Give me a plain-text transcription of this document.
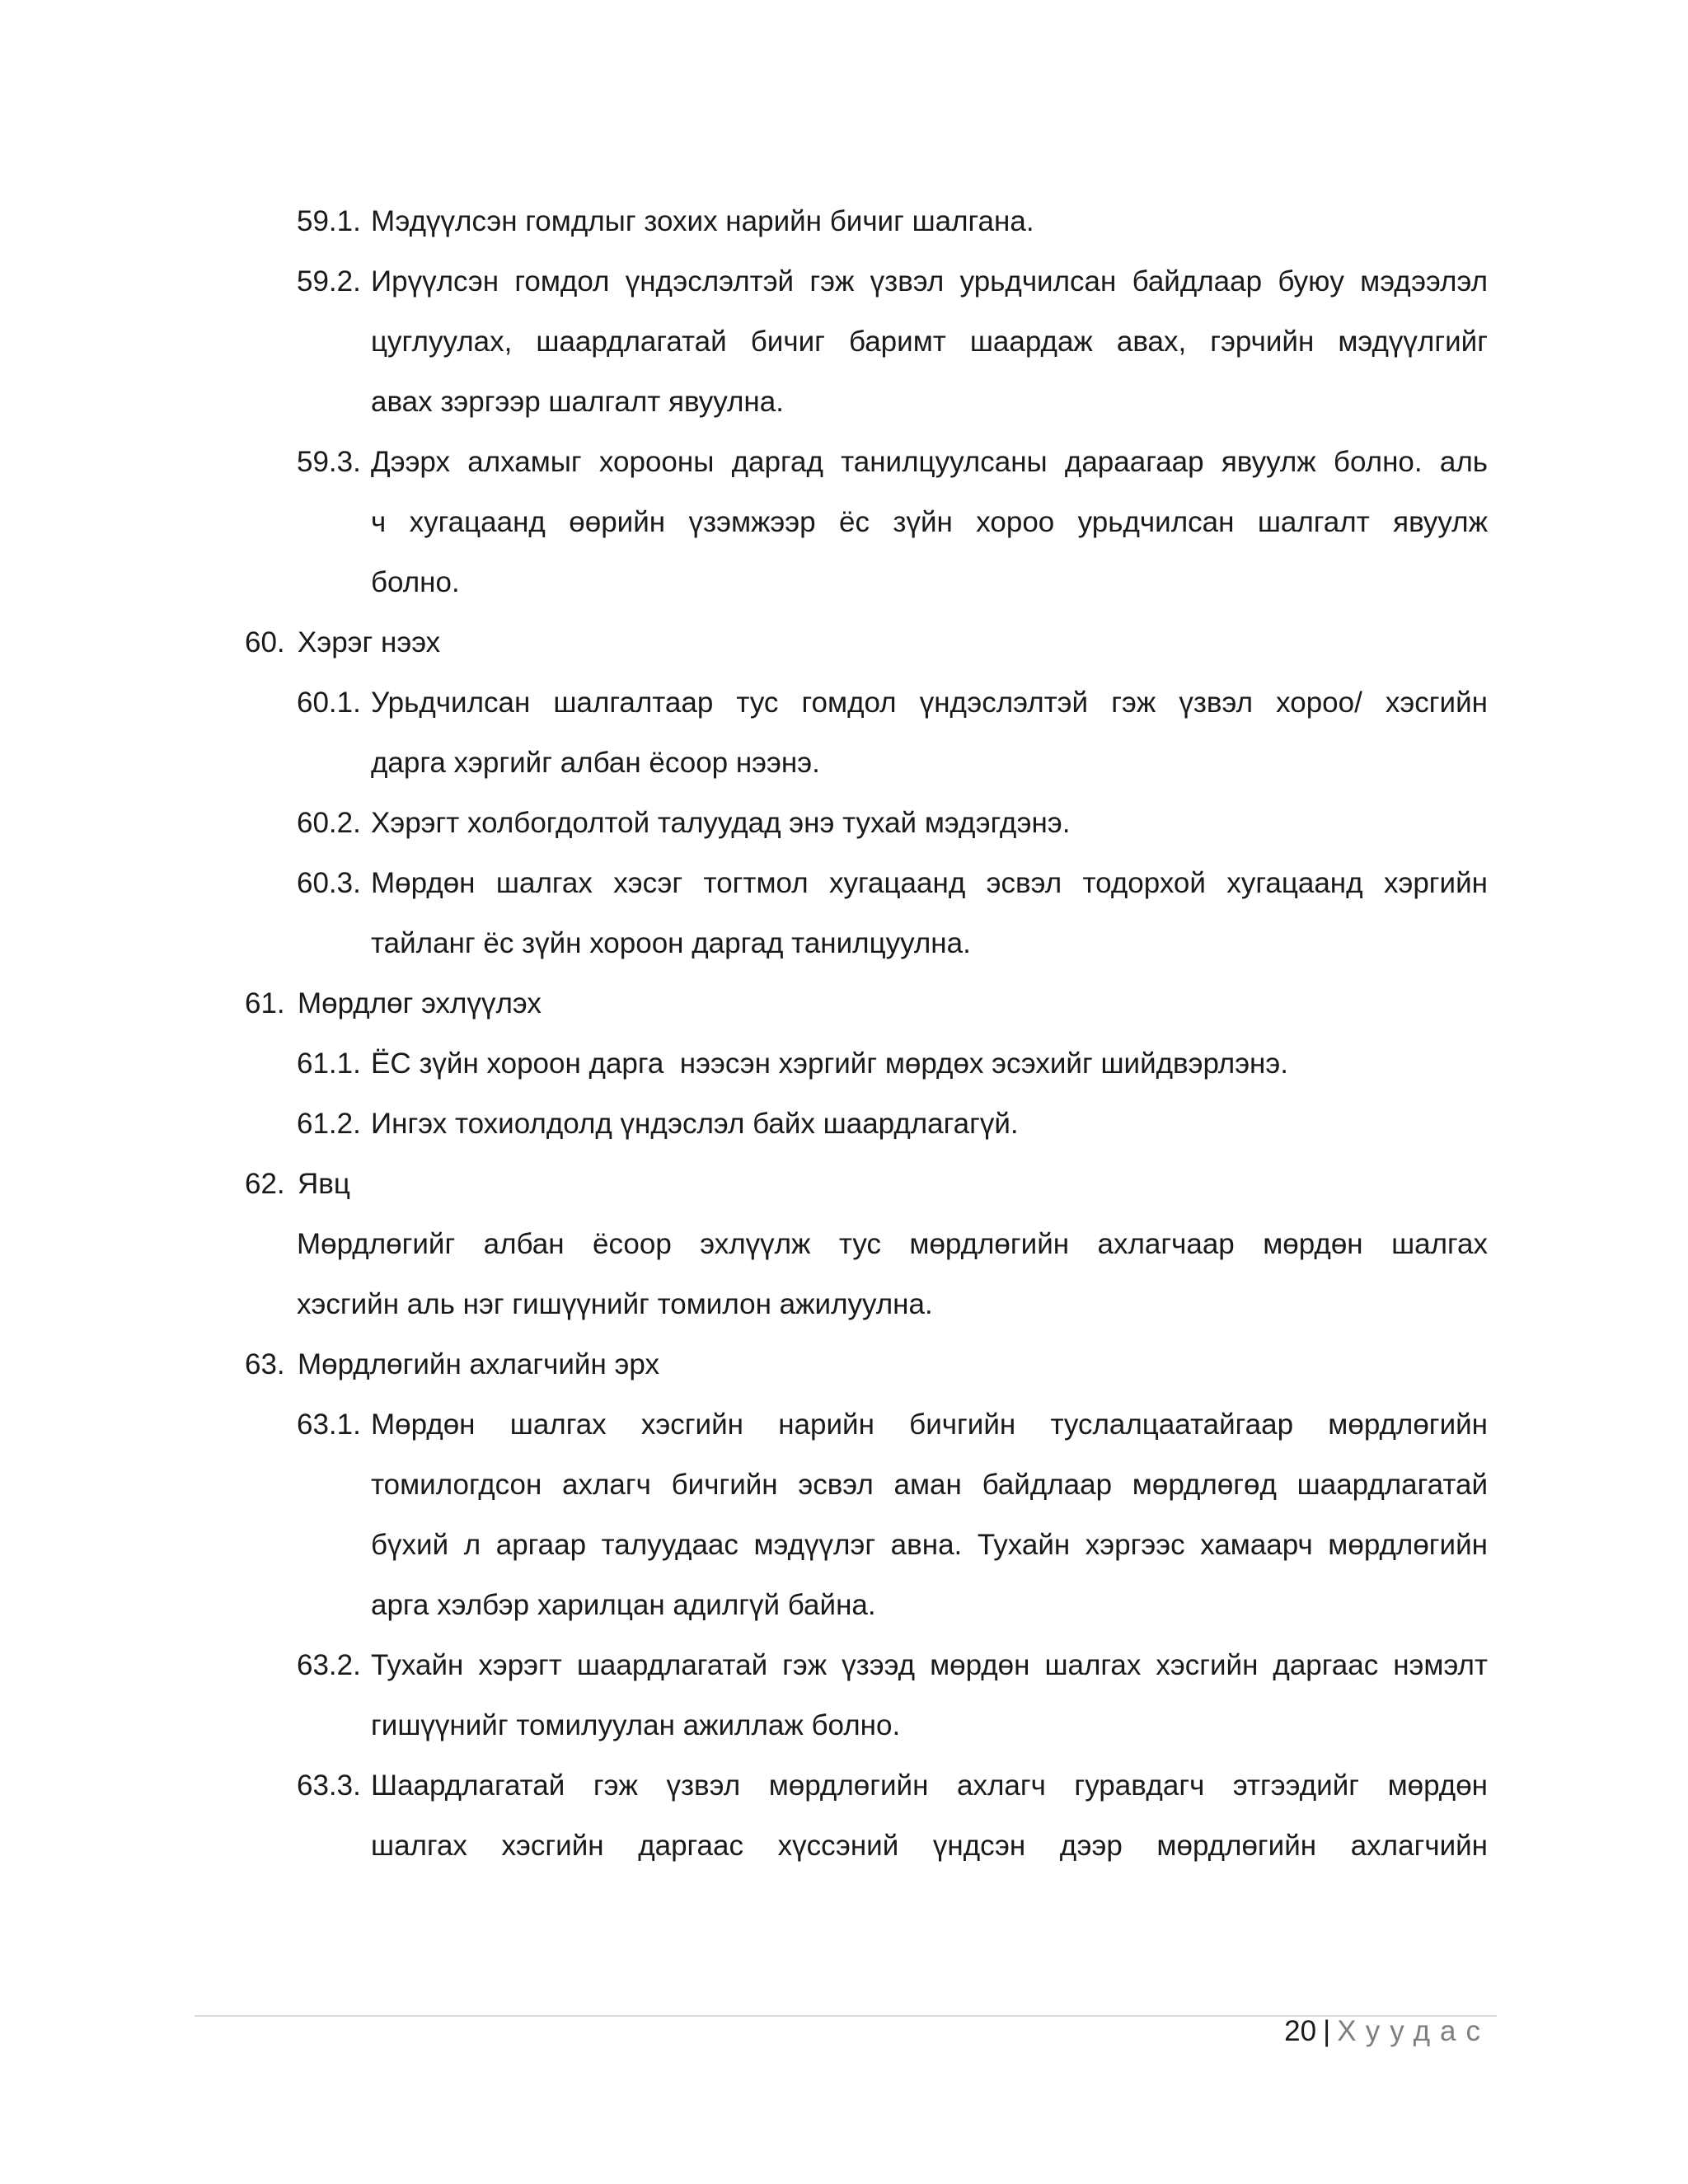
59.1. Мэдүүлсэн гомдлыг зохих нарийн бичиг шалгана.
59.2. Ирүүлсэн гомдол үндэслэлтэй гэж үзвэл урьдчилсан байдлаар буюу мэдээлэл
цуглуулах, шаардлагатай бичиг баримт шаардаж авах, гэрчийн мэдүүлгийг
авах зэргээр шалгалт явуулна.
59.3. Дээрх алхамыг хорооны даргад танилцуулсаны дараагаар явуулж болно. аль
ч хугацаанд өөрийн үзэмжээр ёс зүйн хороо урьдчилсан шалгалт явуулж
болно.
60. Хэрэг нээх
60.1. Урьдчилсан шалгалтаар тус гомдол үндэслэлтэй гэж үзвэл хороо/ хэсгийн
дарга хэргийг албан ёсоор нээнэ.
60.2. Хэрэгт холбогдолтой талуудад энэ тухай мэдэгдэнэ.
60.3. Мөрдөн шалгах хэсэг тогтмол хугацаанд эсвэл тодорхой хугацаанд хэргийн
тайланг ёс зүйн хороон даргад танилцуулна.
61. Мөрдлөг эхлүүлэх
61.1. ЁС зүйн хороон дарга  нээсэн хэргийг мөрдөх эсэхийг шийдвэрлэнэ.
61.2. Ингэх тохиолдолд үндэслэл байх шаардлагагүй.
62. Явц
Мөрдлөгийг албан ёсоор эхлүүлж тус мөрдлөгийн ахлагчаар мөрдөн шалгах
хэсгийн аль нэг гишүүнийг томилон ажилуулна.
63. Мөрдлөгийн ахлагчийн эрх
63.1. Мөрдөн шалгах хэсгийн нарийн бичгийн туслалцаатайгаар мөрдлөгийн
томилогдсон ахлагч бичгийн эсвэл аман байдлаар мөрдлөгөд шаардлагатай
бүхий л аргаар талуудаас мэдүүлэг авна. Тухайн хэргээс хамаарч мөрдлөгийн
арга хэлбэр харилцан адилгүй байна.
63.2. Тухайн хэрэгт шаардлагатай гэж үзээд мөрдөн шалгах хэсгийн даргаас нэмэлт
гишүүнийг томилуулан ажиллаж болно.
63.3. Шаардлагатай гэж үзвэл мөрдлөгийн ахлагч гуравдагч этгээдийг мөрдөн
шалгах хэсгийн даргаас хүссэний үндсэн дээр мөрдлөгийн ахлагчийн
20 | Хуудас
